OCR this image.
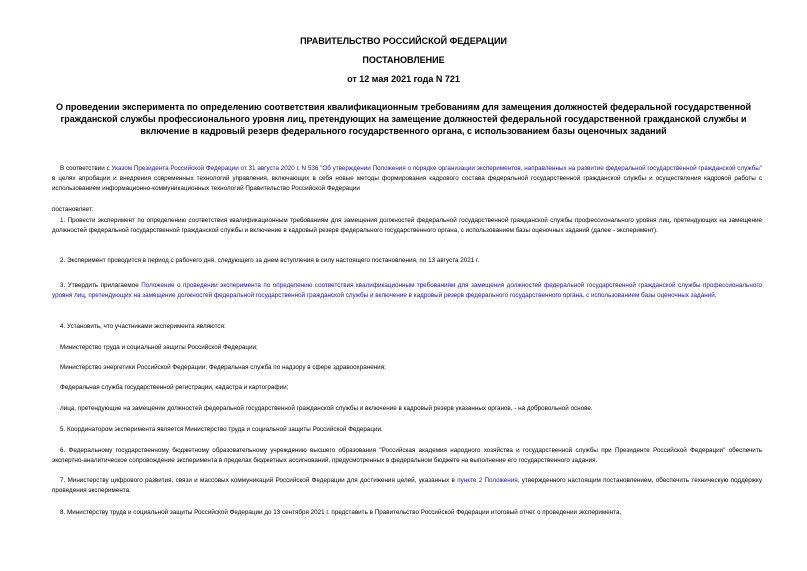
ПРАВИТЕЛЬСТВО РОССИЙСКОЙ ФЕДЕРАЦИИ
ПОСТАНОВЛЕНИЕ
от 12 мая 2021 года N 721
О проведении эксперимента по определению соответствия квалификационным требованиям для замещения должностей федеральной государственной гражданской службы профессионального уровня лиц, претендующих на замещение должностей федеральной государственной гражданской службы и включение в кадровый резерв федерального государственного органа, с использованием базы оценочных заданий
В соответствии с Указом Президента Российской Федерации от 31 августа 2020 г. N 536 "Об утверждении Положения о порядке организации экспериментов, направленных на развитие федеральной государственной гражданской службы" в целях апробации и внедрения современных технологий управления, включающих в себя новые методы формирования кадрового состава федеральной государственной гражданской службы и осуществления кадровой работы с использованием информационно-коммуникационных технологий Правительство Российской Федерации
постановляет:
1. Провести эксперимент по определению соответствия квалификационным требованиям для замещения должностей федеральной государственной гражданской службы профессионального уровня лиц, претендующих на замещение должностей федеральной государственной гражданской службы и включение в кадровый резерв федерального государственного органа, с использованием базы оценочных заданий (далее - эксперимент).
2. Эксперимент проводится в период с рабочего дня, следующего за днем вступления в силу настоящего постановления, по 13 августа 2021 г.
3. Утвердить прилагаемое Положение о проведении эксперимента по определению соответствия квалификационным требованиям для замещения должностей федеральной государственной гражданской службы профессионального уровня лиц, претендующих на замещение должностей федеральной государственной гражданской службы и включение в кадровый резерв федерального государственного органа, с использованием базы оценочных заданий.
4. Установить, что участниками эксперимента являются:
Министерство труда и социальной защиты Российской Федерации;
Министерство энергетики Российской Федерации; Федеральная служба по надзору в сфере здравоохранения;
Федеральная служба государственной регистрации, кадастра и картографии;
лица, претендующие на замещение должностей федеральной государственной гражданской службы и включение в кадровый резерв указанных органов, - на добровольной основе.
5. Координатором эксперимента является Министерство труда и социальной защиты Российской Федерации.
6. Федеральному государственному бюджетному образовательному учреждению высшего образования "Российская академия народного хозяйства и государственной службы при Президенте Российской Федерации" обеспечить экспертно-аналитическое сопровождение эксперимента в пределах бюджетных ассигнований, предусмотренных в федеральном бюджете на выполнение его государственного задания.
7. Министерству цифрового развития, связи и массовых коммуникаций Российской Федерации для достижения целей, указанных в пункте 2 Положения, утвержденного настоящим постановлением, обеспечить техническую поддержку проведения эксперимента.
8. Министерству труда и социальной защиты Российской Федерации до 13 сентября 2021 г. представить в Правительство Российской Федерации итоговый отчет о проведении эксперимента.
